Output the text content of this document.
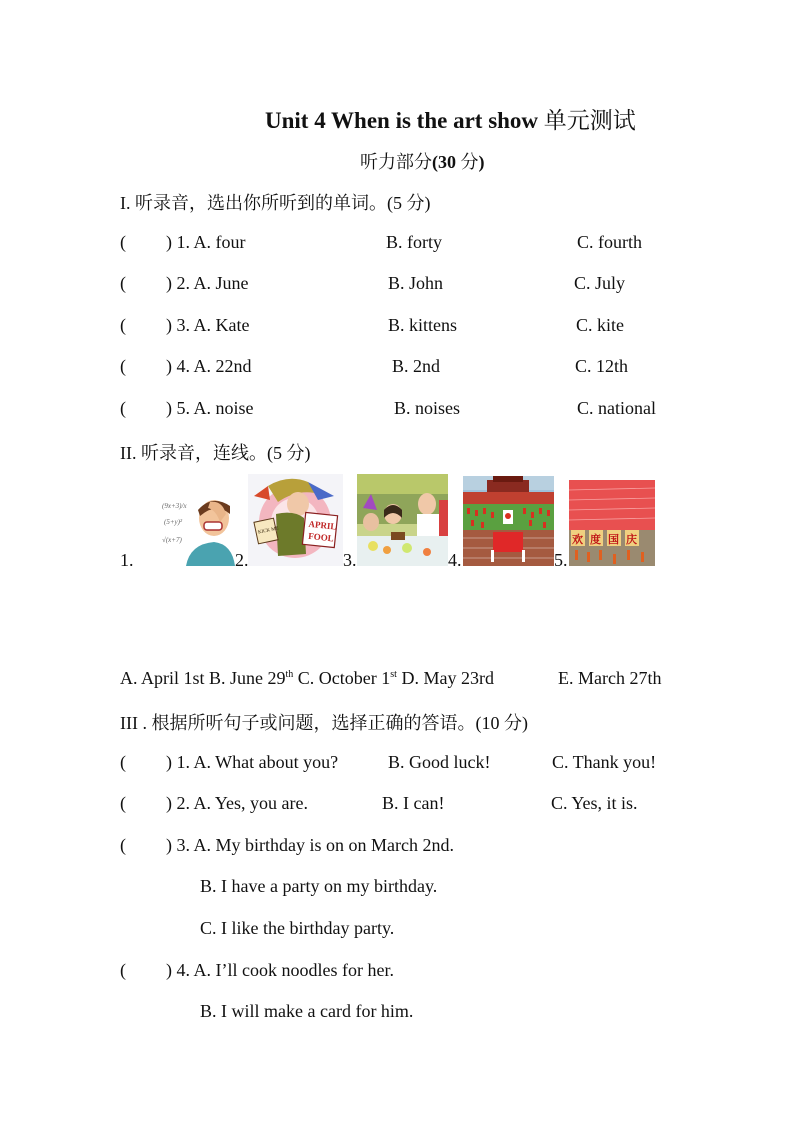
Unit 4 When is the art show 单元测试
听力部分(30 分)
I. 听录音，选出你所听到的单词。(5 分)
( ) 1. A. four	B. forty	C. fourth
( ) 2. A. June	B. John	C. July
( ) 3. A. Kate	B. kittens	C. kite
( ) 4. A. 22nd	B. 2nd	C. 12th
( ) 5. A. noise	B. noises	C. national
II. 听录音，连线。(5 分)
1.
(9x+3)/x
(5+y)²
√(x+7)
2.
KICK ME	APRIL
FOOL
3.	4.	5.
欢 度 国 庆
A. April 1st B. June 29th C. October 1st D. May 23rd	E. March 27th
III . 根据所听句子或问题，选择正确的答语。(10 分)
( ) 1. A. What about you?	B. Good luck!	C. Thank you!
( ) 2. A. Yes, you are.	B. I can!	C. Yes, it is.
( ) 3. A. My birthday is on on March 2nd.
B. I have a party on my birthday.
C. I like the birthday party.
( ) 4. A. I’ll cook noodles for her.
B. I will make a card for him.
